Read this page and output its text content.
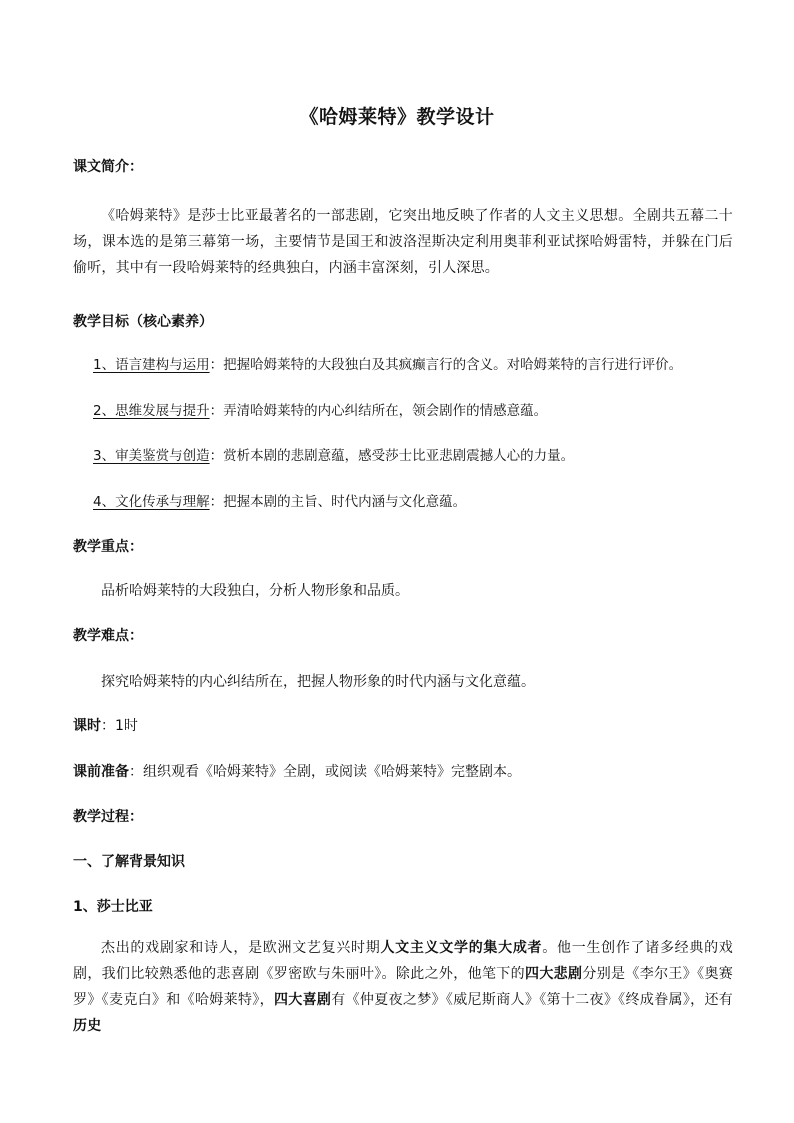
《哈姆莱特》教学设计
课文简介：
《哈姆莱特》是莎士比亚最著名的一部悲剧，它突出地反映了作者的人文主义思想。全剧共五幕二十场，课本选的是第三幕第一场，主要情节是国王和波洛涅斯决定利用奥菲利亚试探哈姆雷特，并躲在门后偷听，其中有一段哈姆莱特的经典独白，内涵丰富深刻，引人深思。
教学目标（核心素养）
1、语言建构与运用：把握哈姆莱特的大段独白及其疯癫言行的含义。对哈姆莱特的言行进行评价。
2、思维发展与提升：弄清哈姆莱特的内心纠结所在，领会剧作的情感意蕴。
3、审美鉴赏与创造：赏析本剧的悲剧意蕴，感受莎士比亚悲剧震撼人心的力量。
4、文化传承与理解：把握本剧的主旨、时代内涵与文化意蕴。
教学重点：
品析哈姆莱特的大段独白，分析人物形象和品质。
教学难点：
探究哈姆莱特的内心纠结所在，把握人物形象的时代内涵与文化意蕴。
课时：1时
课前准备：组织观看《哈姆莱特》全剧，或阅读《哈姆莱特》完整剧本。
教学过程：
一、了解背景知识
1、莎士比亚
杰出的戏剧家和诗人，是欧洲文艺复兴时期人文主义文学的集大成者。他一生创作了诸多经典的戏剧，我们比较熟悉他的悲喜剧《罗密欧与朱丽叶》。除此之外，他笔下的四大悲剧分别是《李尔王》《奥赛罗》《麦克白》和《哈姆莱特》，四大喜剧有《仲夏夜之梦》《威尼斯商人》《第十二夜》《终成眷属》，还有历史
